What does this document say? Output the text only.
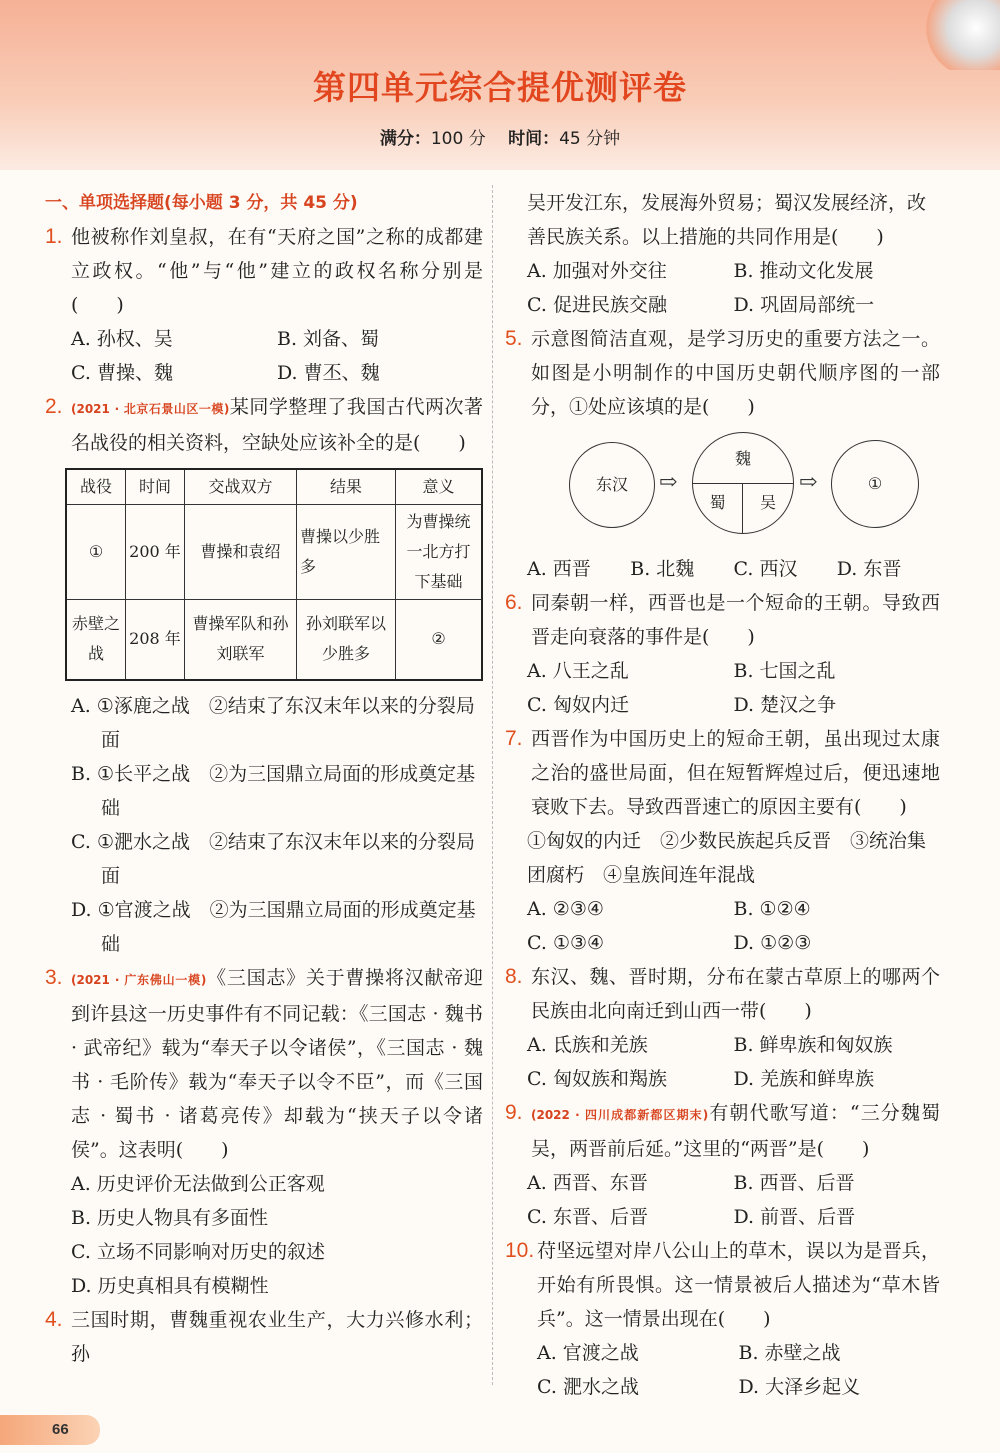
第四单元综合提优测评卷
满分：100 分　 时间：45 分钟
一、单项选择题(每小题 3 分，共 45 分)
1. 他被称作刘皇叔，在有“天府之国”之称的成都建立政权。“他”与“他”建立的政权名称分别是(　　)
A. 孙权、吴	B. 刘备、蜀
C. 曹操、魏	D. 曹丕、魏
2. (2021 · 北京石景山区一模)某同学整理了我国古代两次著名战役的相关资料，空缺处应该补全的是(　　)
战役	时间	交战双方	结果	意义
①	200 年	曹操和袁绍	曹操以少胜多	为曹操统一北方打下基础
赤壁之战	208 年	曹操军队和孙刘联军	孙刘联军以少胜多	②
A. ①涿鹿之战　②结束了东汉末年以来的分裂局面
B. ①长平之战　②为三国鼎立局面的形成奠定基础
C. ①淝水之战　②结束了东汉末年以来的分裂局面
D. ①官渡之战　②为三国鼎立局面的形成奠定基础
3. (2021 · 广东佛山一模)《三国志》关于曹操将汉献帝迎到许县这一历史事件有不同记载：《三国志 · 魏书 · 武帝纪》载为“奉天子以令诸侯”，《三国志 · 魏书 · 毛阶传》载为“奉天子以令不臣”，而《三国志 · 蜀书 · 诸葛亮传》却载为“挟天子以令诸侯”。这表明(　　)
A. 历史评价无法做到公正客观
B. 历史人物具有多面性
C. 立场不同影响对历史的叙述
D. 历史真相具有模糊性
4. 三国时期，曹魏重视农业生产，大力兴修水利；孙
吴开发江东，发展海外贸易；蜀汉发展经济，改善民族关系。以上措施的共同作用是(　　)
A. 加强对外交往	B. 推动文化发展
C. 促进民族交融	D. 巩固局部统一
5. 示意图简洁直观，是学习历史的重要方法之一。如图是小明制作的中国历史朝代顺序图的一部分，①处应该填的是(　　)
东汉	⇨
魏
蜀	吴
⇨	①
A. 西晋	B. 北魏	C. 西汉	D. 东晋
6. 同秦朝一样，西晋也是一个短命的王朝。导致西晋走向衰落的事件是(　　)
A. 八王之乱	B. 七国之乱
C. 匈奴内迁	D. 楚汉之争
7. 西晋作为中国历史上的短命王朝，虽出现过太康之治的盛世局面，但在短暂辉煌过后，便迅速地衰败下去。导致西晋速亡的原因主要有(　　)
①匈奴的内迁　②少数民族起兵反晋　③统治集团腐朽　④皇族间连年混战
A. ②③④	B. ①②④
C. ①③④	D. ①②③
8. 东汉、魏、晋时期，分布在蒙古草原上的哪两个民族由北向南迁到山西一带(　　)
A. 氐族和羌族	B. 鲜卑族和匈奴族
C. 匈奴族和羯族	D. 羌族和鲜卑族
9. (2022 · 四川成都新都区期末)有朝代歌写道：“三分魏蜀吴，两晋前后延。”这里的“两晋”是(　　)
A. 西晋、东晋	B. 西晋、后晋
C. 东晋、后晋	D. 前晋、后晋
10. 苻坚远望对岸八公山上的草木，误以为是晋兵，开始有所畏惧。这一情景被后人描述为“草木皆兵”。这一情景出现在(　　)
A. 官渡之战	B. 赤壁之战
C. 淝水之战	D. 大泽乡起义
66
